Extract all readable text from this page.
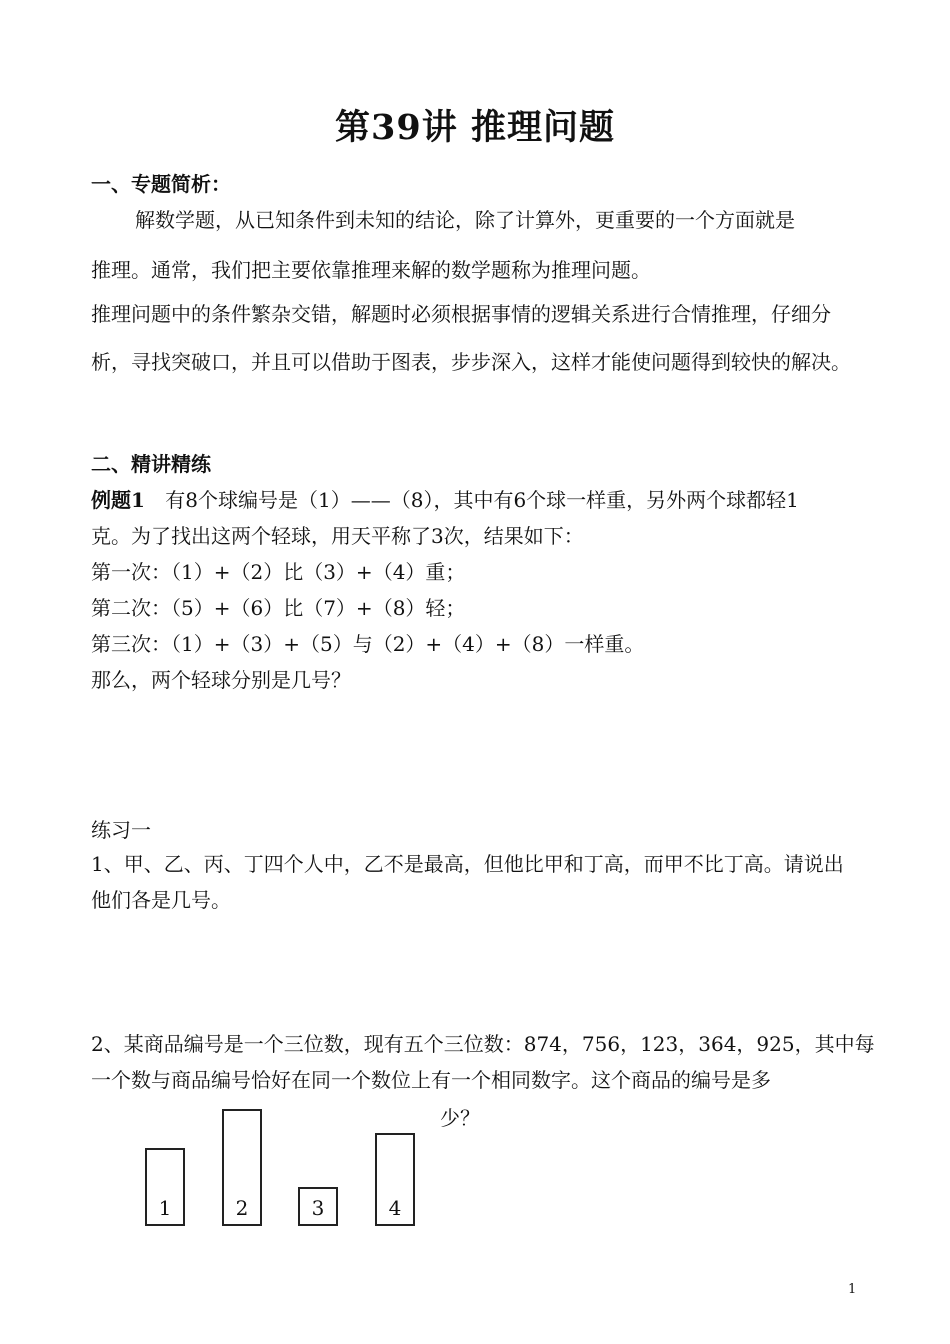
第39讲 推理问题
一、专题简析：
解数学题，从已知条件到未知的结论，除了计算外，更重要的一个方面就是
推理。通常，我们把主要依靠推理来解的数学题称为推理问题。
推理问题中的条件繁杂交错，解题时必须根据事情的逻辑关系进行合情推理，仔细分析，寻找突破口，并且可以借助于图表，步步深入，这样才能使问题得到较快的解决。
二、精讲精练
例题1 有8个球编号是（1）——（8），其中有6个球一样重，另外两个球都轻1
克。为了找出这两个轻球，用天平称了3次，结果如下：
第一次：（1）+（2）比（3）+（4）重；
第二次：（5）+（6）比（7）+（8）轻；
第三次：（1）+（3）+（5）与（2）+（4）+（8）一样重。
那么，两个轻球分别是几号？
练习一
1、甲、乙、丙、丁四个人中，乙不是最高，但他比甲和丁高，而甲不比丁高。请说出
他们各是几号。
2、某商品编号是一个三位数，现有五个三位数：874，756，123，364，925，其中每
一个数与商品编号恰好在同一个数位上有一个相同数字。这个商品的编号是多
少？
1	2	3	4
1
